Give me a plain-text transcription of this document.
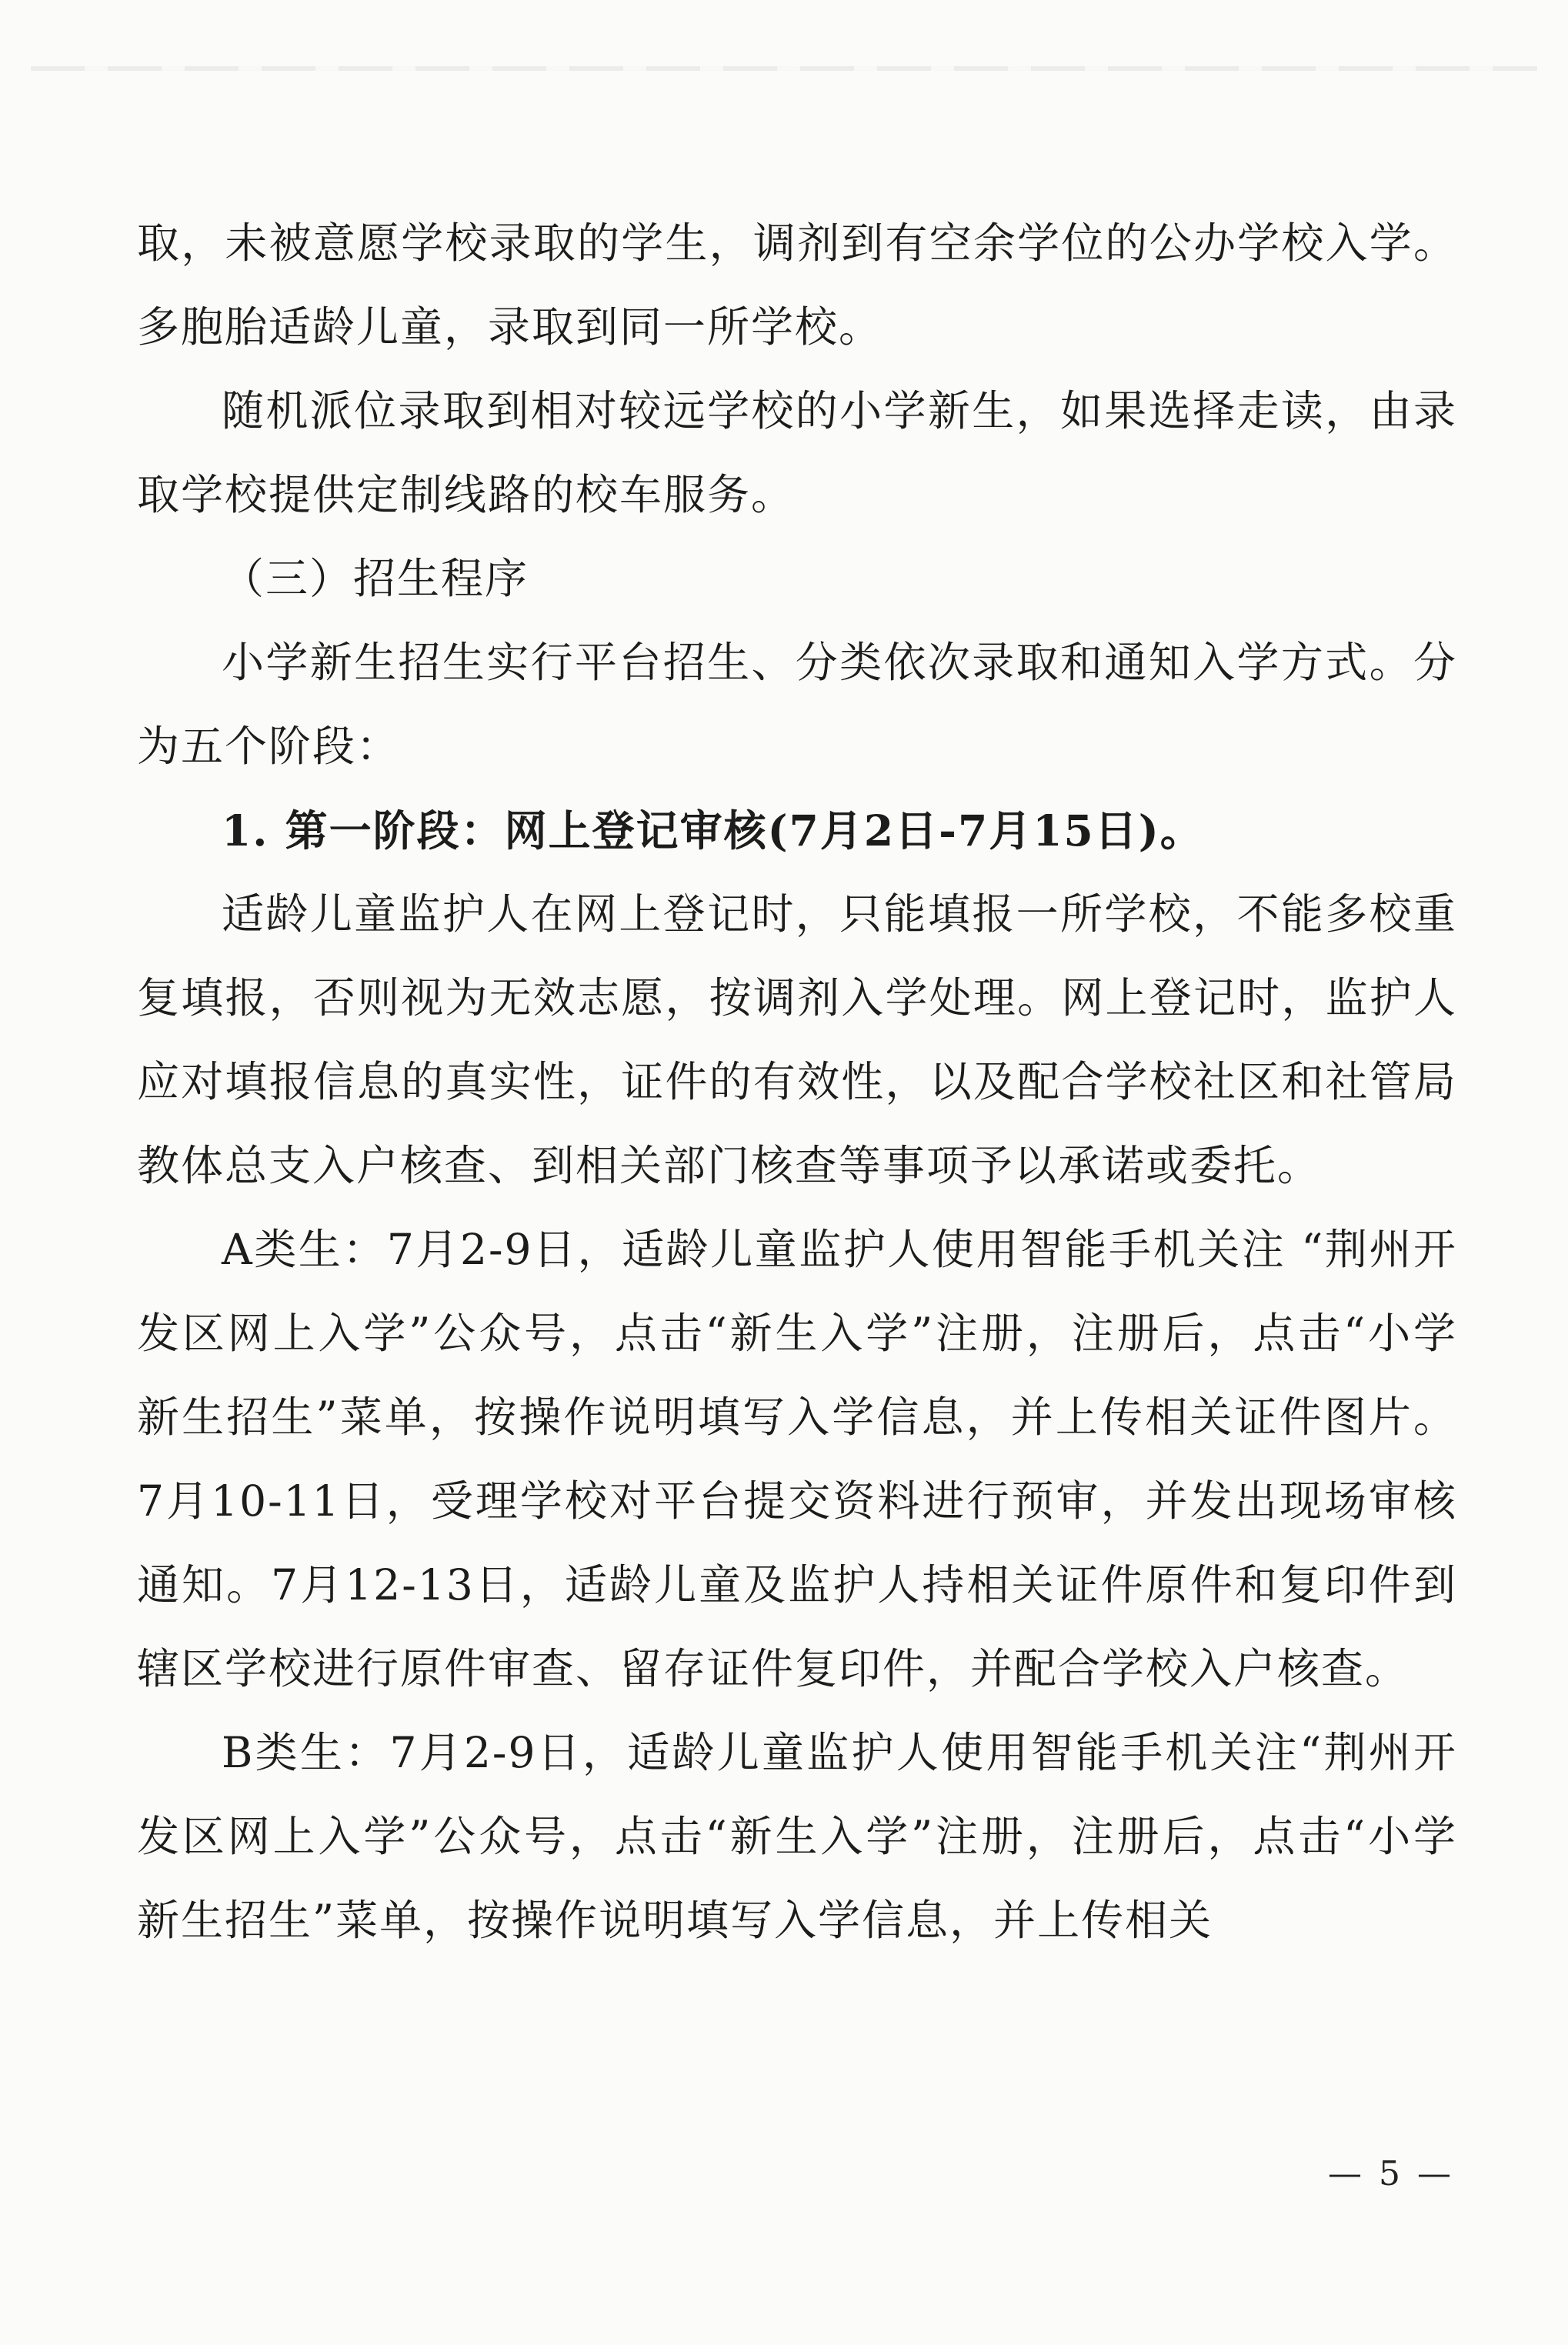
取，未被意愿学校录取的学生，调剂到有空余学位的公办学校入学。多胞胎适龄儿童，录取到同一所学校。

随机派位录取到相对较远学校的小学新生，如果选择走读，由录取学校提供定制线路的校车服务。

（三）招生程序

小学新生招生实行平台招生、分类依次录取和通知入学方式。分为五个阶段：

1. 第一阶段：网上登记审核(7月2日-7月15日)。

适龄儿童监护人在网上登记时，只能填报一所学校，不能多校重复填报，否则视为无效志愿，按调剂入学处理。网上登记时，监护人应对填报信息的真实性，证件的有效性，以及配合学校社区和社管局教体总支入户核查、到相关部门核查等事项予以承诺或委托。

A类生：7月2-9日，适龄儿童监护人使用智能手机关注 “荆州开发区网上入学”公众号，点击“新生入学”注册，注册后，点击“小学新生招生”菜单，按操作说明填写入学信息，并上传相关证件图片。7月10-11日，受理学校对平台提交资料进行预审，并发出现场审核通知。7月12-13日，适龄儿童及监护人持相关证件原件和复印件到辖区学校进行原件审查、留存证件复印件，并配合学校入户核查。

B类生：7月2-9日，适龄儿童监护人使用智能手机关注“荆州开发区网上入学”公众号，点击“新生入学”注册，注册后，点击“小学新生招生”菜单，按操作说明填写入学信息，并上传相关

— 5 —
